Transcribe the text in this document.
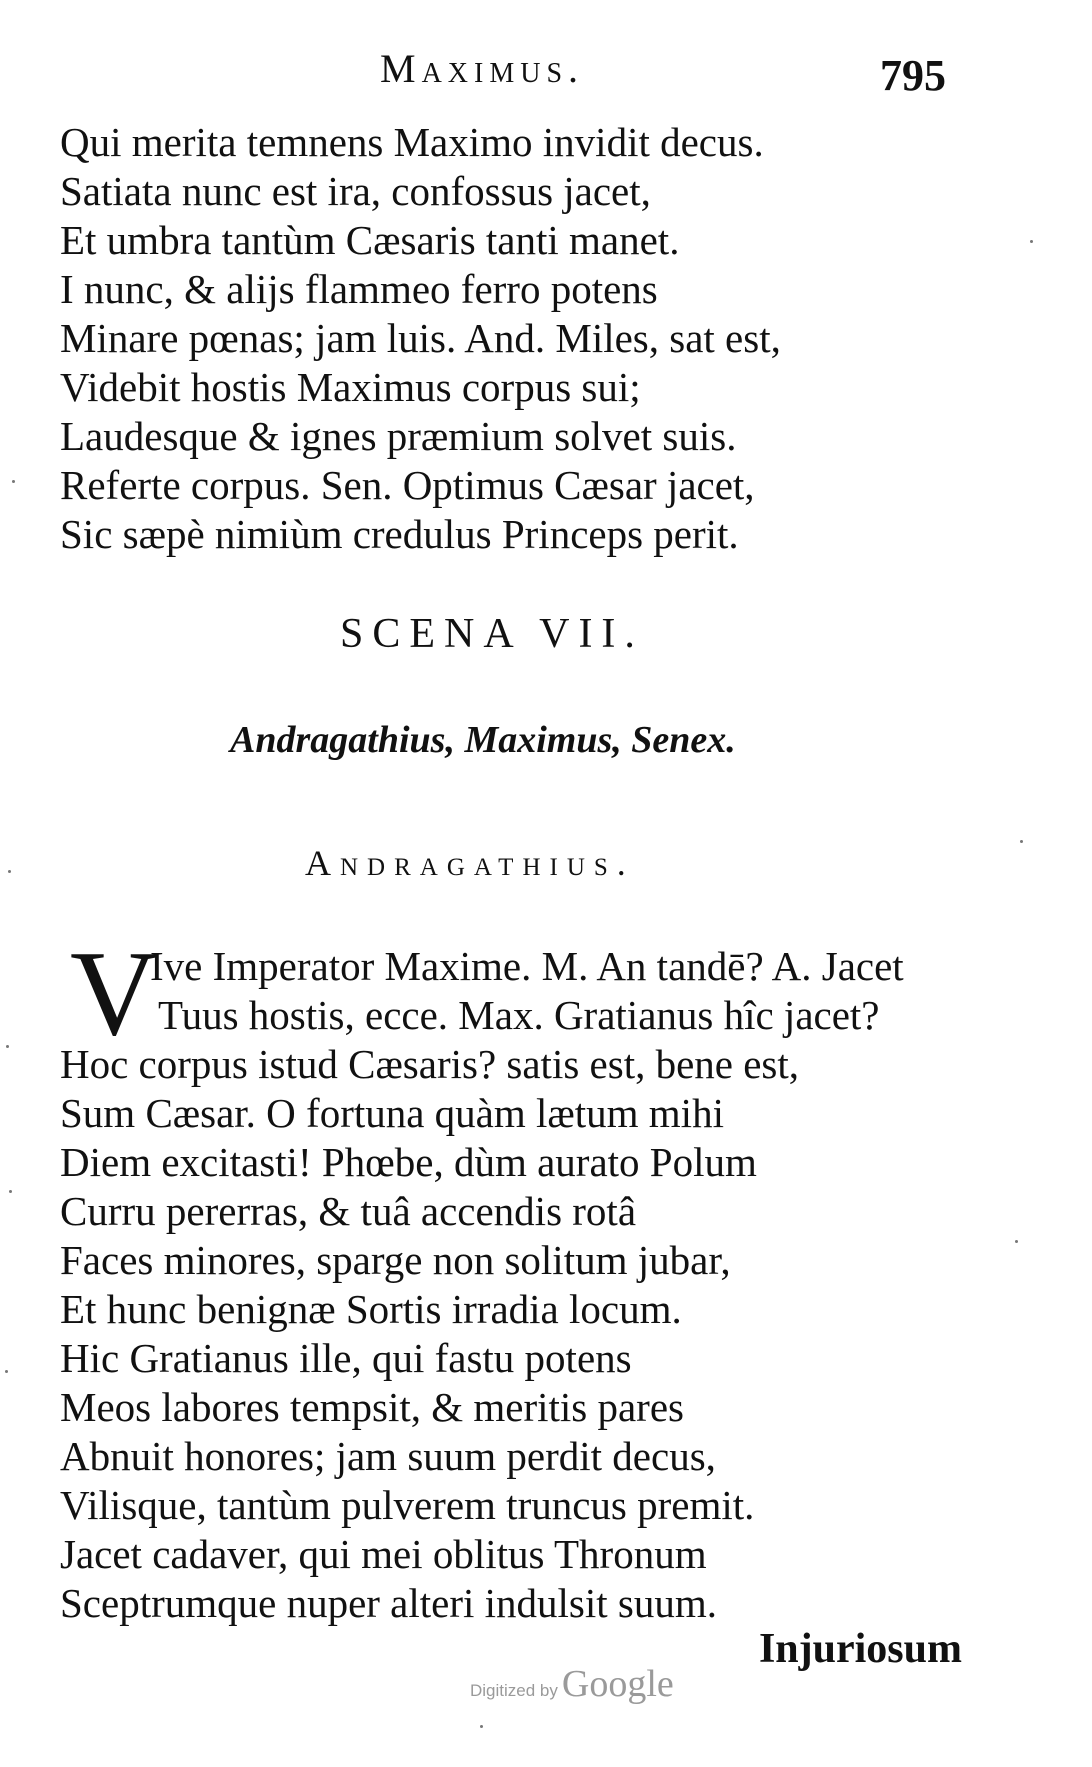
Maximus.	795
Qui merita temnens Maximo invidit decus.
Satiata nunc est ira, confossus jacet,
Et umbra tantùm Cæsaris tanti manet.
I nunc, & alijs flammeo ferro potens
Minare pœnas; jam luis. And. Miles, sat est,
Videbit hostis Maximus corpus sui;
Laudesque & ignes præmium solvet suis.
Referte corpus. Sen. Optimus Cæsar jacet,
Sic sæpè nimiùm credulus Princeps perit.
SCENA VII.
Andragathius, Maximus, Senex.
Andragathius.
V
Ive Imperator Maxime. M. An tandē? A. Jacet
Tuus hostis, ecce. Max. Gratianus hîc jacet?
Hoc corpus istud Cæsaris? satis est, bene est,
Sum Cæsar. O fortuna quàm lætum mihi
Diem excitasti! Phœbe, dùm aurato Polum
Curru pererras, & tuâ accendis rotâ
Faces minores, sparge non solitum jubar,
Et hunc benignæ Sortis irradia locum.
Hic Gratianus ille, qui fastu potens
Meos labores tempsit, & meritis pares
Abnuit honores; jam suum perdit decus,
Vilisque, tantùm pulverem truncus premit.
Jacet cadaver, qui mei oblitus Thronum
Sceptrumque nuper alteri indulsit suum.
Injuriosum
Digitized by Google
